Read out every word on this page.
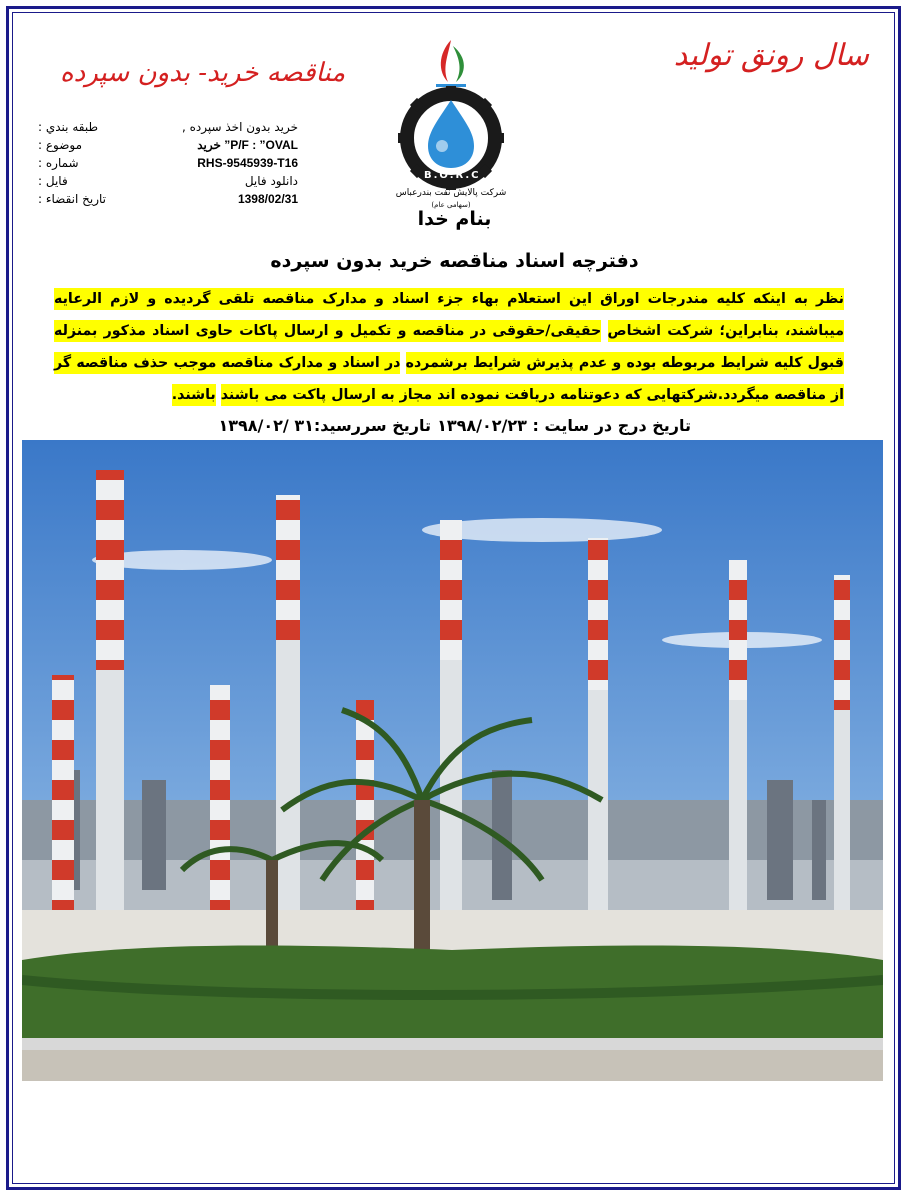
سال رونق تولید
مناقصه خرید- بدون سپرده
طبقه بندي :	خريد بدون اخذ سپرده ,
موضوع :	P/F : ”OVAL” خريد
شماره :	RHS-9545939-T16
فايل :	دانلود فايل
تاريخ انقضاء :	1398/02/31
B.O.R.C
شرکت پالایش نفت بندرعباس
(سهامی عام)
بنام خدا
دفترچه اسناد مناقصه خرید بدون سپرده
نظر به اینکه کلیه مندرجات اوراق این استعلام بهاء جزء اسناد و مدارک مناقصه تلقی گردیده و لازم الرعایه میباشند، بنابراین؛ شرکت اشخاص حقیقی/حقوقی در مناقصه و تکمیل و ارسال پاکات حاوی اسناد مذکور بمنزله قبول کلیه شرایط مربوطه بوده و عدم پذیرش شرایط برشمرده در اسناد و مدارک مناقصه موجب حذف مناقصه گر از مناقصه میگردد.شرکتهایی که دعوتنامه دریافت نموده اند مجاز به ارسال پاکت می باشند باشند.
تاریخ درج در سایت : ۱۳۹۸/۰۲/۲۳
تاریخ سررسید:۳۱ /۱۳۹۸/۰۲
